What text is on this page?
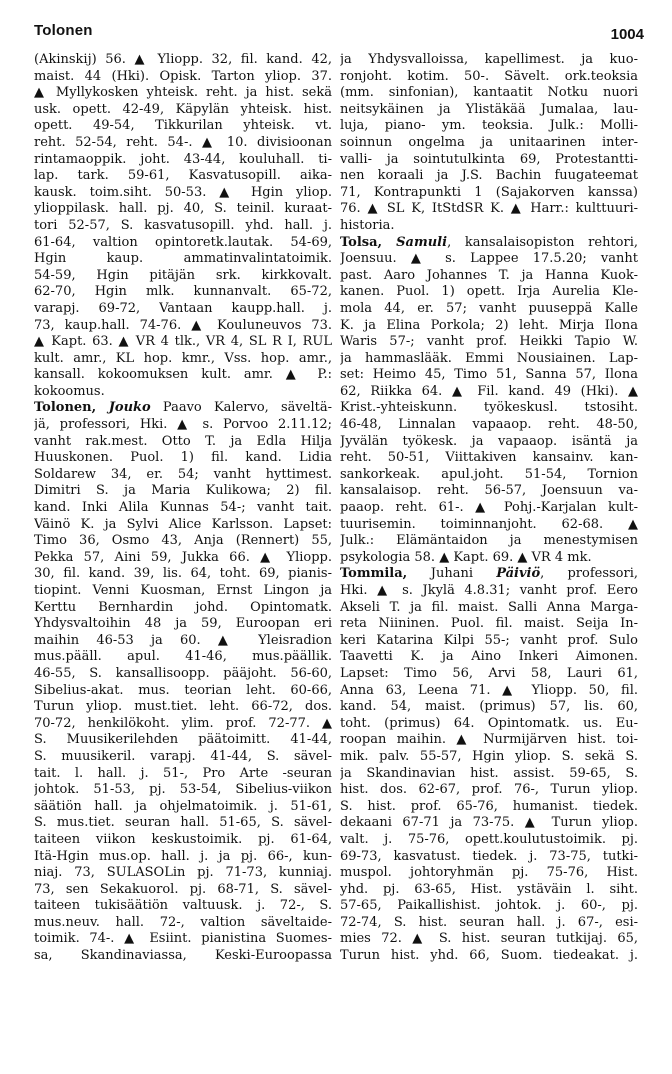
Tolonen	1004
(Akinskij) 56. ▲ Yliopp. 32, fil. kand. 42,
maist. 44 (Hki). Opisk. Tarton yliop. 37.
▲ Myllykosken yhteisk. reht. ja hist. sekä
usk. opett. 42-49, Käpylän yhteisk. hist.
opett. 49-54, Tikkurilan yhteisk. vt.
reht. 52-54, reht. 54-. ▲ 10. divisioonan
rintamaoppik. joht. 43-44, kouluhall. ti-
lap. tark. 59-61, Kasvatusopill. aika-
kausk. toim.siht. 50-53. ▲ Hgin yliop.
ylioppilask. hall. pj. 40, S. teinil. kuraat-
tori 52-57, S. kasvatusopill. yhd. hall. j.
61-64, valtion opintoretk.lautak. 54-69,
Hgin kaup. ammatinvalintatoimik.
54-59, Hgin pitäjän srk. kirkkovalt.
62-70, Hgin mlk. kunnanvalt. 65-72,
varapj. 69-72, Vantaan kaupp.hall. j.
73, kaup.hall. 74-76. ▲ Kouluneuvos 73.
▲ Kapt. 63. ▲ VR 4 tlk., VR 4, SL R I, RUL
kult. amr., KL hop. kmr., Vss. hop. amr.,
kansall. kokoomuksen kult. amr. ▲ P.:
kokoomus.
Tolonen, Jouko Paavo Kalervo, säveltä-
jä, professori, Hki. ▲ s. Porvoo 2.11.12;
vanht rak.mest. Otto T. ja Edla Hilja
Huuskonen. Puol. 1) fil. kand. Lidia
Soldarew 34, er. 54; vanht hyttimest.
Dimitri S. ja Maria Kulikowa; 2) fil.
kand. Inki Alila Kunnas 54-; vanht tait.
Väinö K. ja Sylvi Alice Karlsson. Lapset:
Timo 36, Osmo 43, Anja (Rennert) 55,
Pekka 57, Aini 59, Jukka 66. ▲ Yliopp.
30, fil. kand. 39, lis. 64, toht. 69, pianis-
tiopint. Venni Kuosman, Ernst Lingon ja
Kerttu Bernhardin johd. Opintomatk.
Yhdysvaltoihin 48 ja 59, Euroopan eri
maihin 46-53 ja 60. ▲ Yleisradion
mus.pääll. apul. 41-46, mus.päällik.
46-55, S. kansallisoopp. pääjoht. 56-60,
Sibelius-akat. mus. teorian leht. 60-66,
Turun yliop. must.tiet. leht. 66-72, dos.
70-72, henkilökoht. ylim. prof. 72-77. ▲
S. Muusikerilehden päätoimitt. 41-44,
S. muusikeril. varapj. 41-44, S. sävel-
tait. l. hall. j. 51-, Pro Arte -seuran
johtok. 51-53, pj. 53-54, Sibelius-viikon
säätiön hall. ja ohjelmatoimik. j. 51-61,
S. mus.tiet. seuran hall. 51-65, S. sävel-
taiteen viikon keskustoimik. pj. 61-64,
Itä-Hgin mus.op. hall. j. ja pj. 66-, kun-
niaj. 73, SULASOLin pj. 71-73, kunniaj.
73, sen Sekakuorol. pj. 68-71, S. sävel-
taiteen tukisäätiön valtuusk. j. 72-, S.
mus.neuv. hall. 72-, valtion säveltaide-
toimik. 74-. ▲ Esiint. pianistina Suomes-
sa, Skandinaviassa, Keski-Euroopassa
ja Yhdysvalloissa, kapellimest. ja kuo-
ronjoht. kotim. 50-. Sävelt. ork.teoksia
(mm. sinfonian), kantaatit Notku nuori
neitsykäinen ja Ylistäkää Jumalaa, lau-
luja, piano- ym. teoksia. Julk.: Molli-
soinnun ongelma ja unitaarinen inter-
valli- ja sointutulkinta 69, Protestantti-
nen koraali ja J.S. Bachin fuugateemat
71, Kontrapunkti 1 (Sajakorven kanssa)
76. ▲ SL K, ItStdSR K. ▲ Harr.: kulttuuri-
historia.
Tolsa, Samuli, kansalaisopiston rehtori,
Joensuu. ▲ s. Lappee 17.5.20; vanht
past. Aaro Johannes T. ja Hanna Kuok-
kanen. Puol. 1) opett. Irja Aurelia Kle-
mola 44, er. 57; vanht puuseppä Kalle
K. ja Elina Porkola; 2) leht. Mirja Ilona
Waris 57-; vanht prof. Heikki Tapio W.
ja hammaslääk. Emmi Nousiainen. Lap-
set: Heimo 45, Timo 51, Sanna 57, Ilona
62, Riikka 64. ▲ Fil. kand. 49 (Hki). ▲
Krist.-yhteiskunn. työkeskusl. tstosiht.
46-48, Linnalan vapaaop. reht. 48-50,
Jyvälän työkesk. ja vapaaop. isäntä ja
reht. 50-51, Viittakiven kansainv. kan-
sankorkeak. apul.joht. 51-54, Tornion
kansalaisop. reht. 56-57, Joensuun va-
paaop. reht. 61-. ▲ Pohj.-Karjalan kult-
tuurisemin. toiminnanjoht. 62-68. ▲
Julk.: Elämäntaidon ja menestymisen
psykologia 58. ▲ Kapt. 69. ▲ VR 4 mk.
Tommila, Juhani Päiviö, professori,
Hki. ▲ s. Jkylä 4.8.31; vanht prof. Eero
Akseli T. ja fil. maist. Salli Anna Marga-
reta Niininen. Puol. fil. maist. Seija In-
keri Katarina Kilpi 55-; vanht prof. Sulo
Taavetti K. ja Aino Inkeri Aimonen.
Lapset: Timo 56, Arvi 58, Lauri 61,
Anna 63, Leena 71. ▲ Yliopp. 50, fil.
kand. 54, maist. (primus) 57, lis. 60,
toht. (primus) 64. Opintomatk. us. Eu-
roopan maihin. ▲ Nurmijärven hist. toi-
mik. palv. 55-57, Hgin yliop. S. sekä S.
ja Skandinavian hist. assist. 59-65, S.
hist. dos. 62-67, prof. 76-, Turun yliop.
S. hist. prof. 65-76, humanist. tiedek.
dekaani 67-71 ja 73-75. ▲ Turun yliop.
valt. j. 75-76, opett.koulutustoimik. pj.
69-73, kasvatust. tiedek. j. 73-75, tutki-
muspol. johtoryhmän pj. 75-76, Hist.
yhd. pj. 63-65, Hist. ystäväin l. siht.
57-65, Paikallishist. johtok. j. 60-, pj.
72-74, S. hist. seuran hall. j. 67-, esi-
mies 72. ▲ S. hist. seuran tutkijaj. 65,
Turun hist. yhd. 66, Suom. tiedeakat. j.
